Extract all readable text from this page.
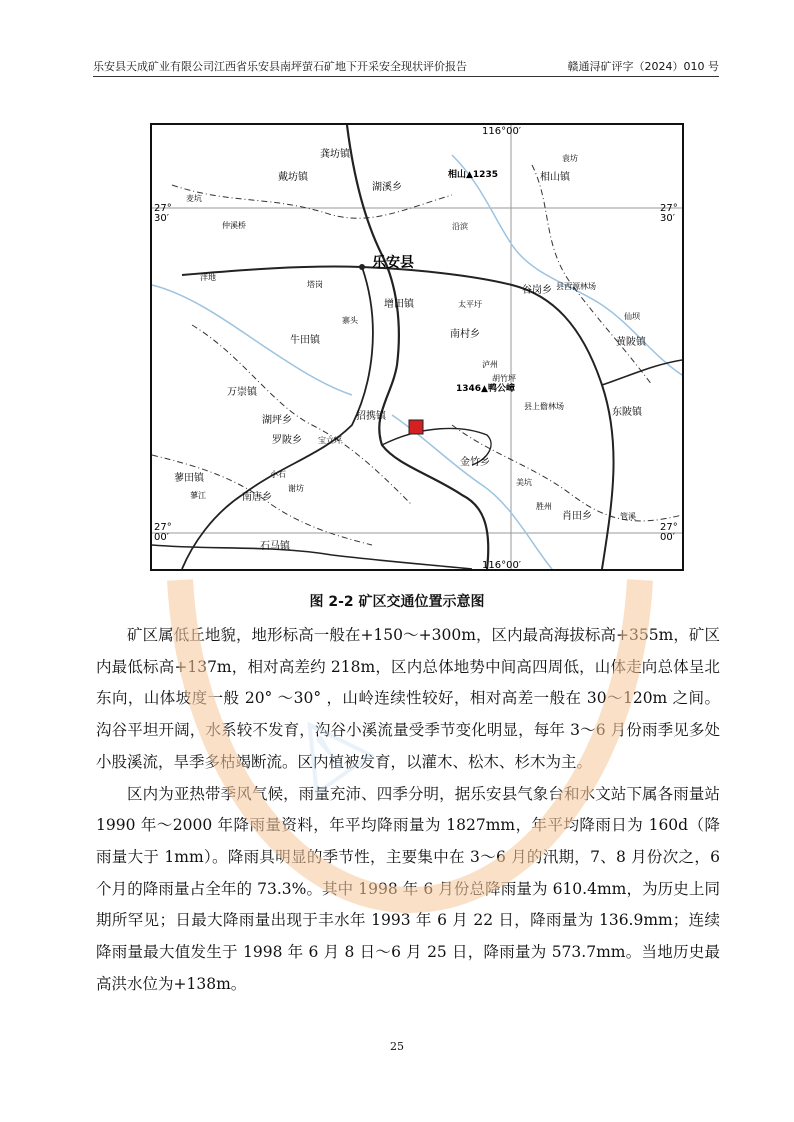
乐安县天成矿业有限公司江西省乐安县南坪萤石矿地下开采安全现状评价报告	赣通浔矿评字（2024）010 号
116°00′
116°00′
27°
30′
27°
30′
27°
00′
27°
00′
龚坊镇
戴坊镇
湖溪乡
相山▲1235
袁坊
相山镇
麦坑
仲溪桥	沿滨
乐安县
洋地
塔岗
增田镇	太平圩
谷岗乡 县西源林场
仙坝
黄陂镇
牛田镇
寨头
南村乡
泸州
万崇镇
胡竹坪
1346▲鸭公嶂
县上儋林场
东陂镇
湖坪乡	招携镇
罗陂乡 宝立坪
金竹乡
蓼田镇	小石
谢坊
蓼江	南唐乡
美坑
肖田乡
胜州
管溪
石马镇
图 2-2 矿区交通位置示意图

矿区属低丘地貌，地形标高一般在+150～+300m，区内最高海拔标高+355m，矿区内最低标高+137m，相对高差约 218m，区内总体地势中间高四周低，山体走向总体呈北东向，山体坡度一般 20° ～30° ，山岭连续性较好，相对高差一般在 30～120m 之间。沟谷平坦开阔，水系较不发育，沟谷小溪流量受季节变化明显，每年 3～6 月份雨季见多处小股溪流，旱季多枯竭断流。区内植被发育，以灌木、松木、杉木为主。

区内为亚热带季风气候，雨量充沛、四季分明，据乐安县气象台和水文站下属各雨量站 1990 年～2000 年降雨量资料，年平均降雨量为 1827mm，年平均降雨日为 160d（降雨量大于 1mm）。降雨具明显的季节性，主要集中在 3～6 月的汛期，7、8 月份次之，6 个月的降雨量占全年的 73.3%。其中 1998 年 6 月份总降雨量为 610.4mm，为历史上同期所罕见；日最大降雨量出现于丰水年 1993 年 6 月 22 日，降雨量为 136.9mm；连续降雨量最大值发生于 1998 年 6 月 8 日～6 月 25 日，降雨量为 573.7mm。当地历史最高洪水位为+138m。

25
⚠
